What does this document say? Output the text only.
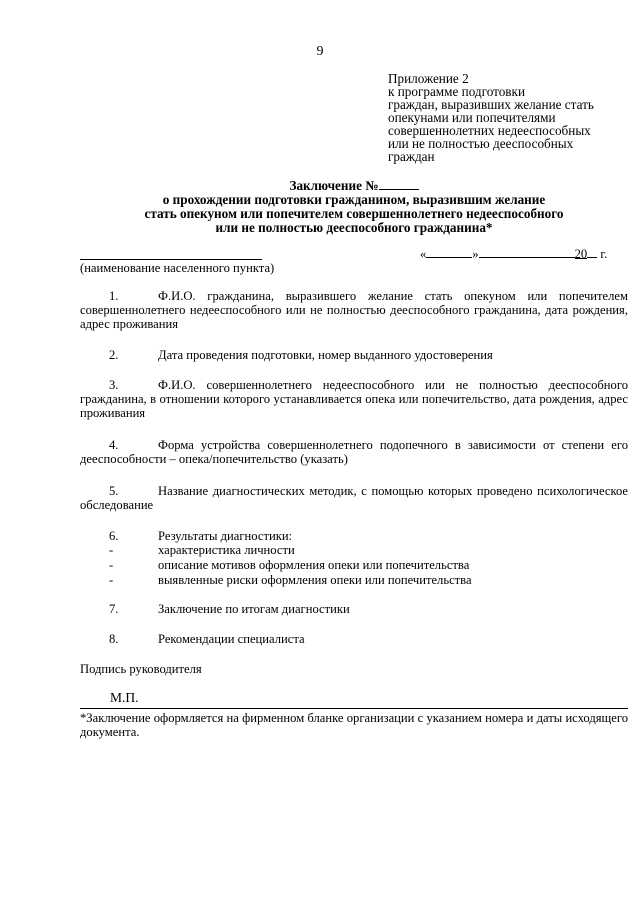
9
Приложение 2
к программе подготовки
граждан, выразивших желание стать
опекунами или попечителями
совершеннолетних недееспособных
или не полностью дееспособных
граждан
Заключение №
о прохождении подготовки гражданином, выразившим желание
стать опекуном или попечителем совершеннолетнего недееспособного
или не полностью дееспособного гражданина*
(наименование населенного пункта)
«	»	20 г.
1.	Ф.И.О. гражданина, выразившего желание стать опекуном или попечителем совершеннолетнего недееспособного или не полностью дееспособного гражданина, дата рождения, адрес проживания
2.	Дата проведения подготовки, номер выданного удостоверения
3.	Ф.И.О. совершеннолетнего недееспособного или не полностью дееспособного гражданина, в отношении которого устанавливается опека или попечительство, дата рождения, адрес проживания
4.	Форма устройства совершеннолетнего подопечного в зависимости от степени его дееспособности – опека/попечительство (указать)
5.	Название диагностических методик, с помощью которых проведено психологическое обследование
6.	Результаты диагностики:
-	характеристика личности
-	описание мотивов оформления опеки или попечительства
-	выявленные риски оформления опеки или попечительства
7.	Заключение по итогам диагностики
8.	Рекомендации специалиста
Подпись руководителя
М.П.
*Заключение оформляется на фирменном бланке организации с указанием номера и даты исходящего документа.
